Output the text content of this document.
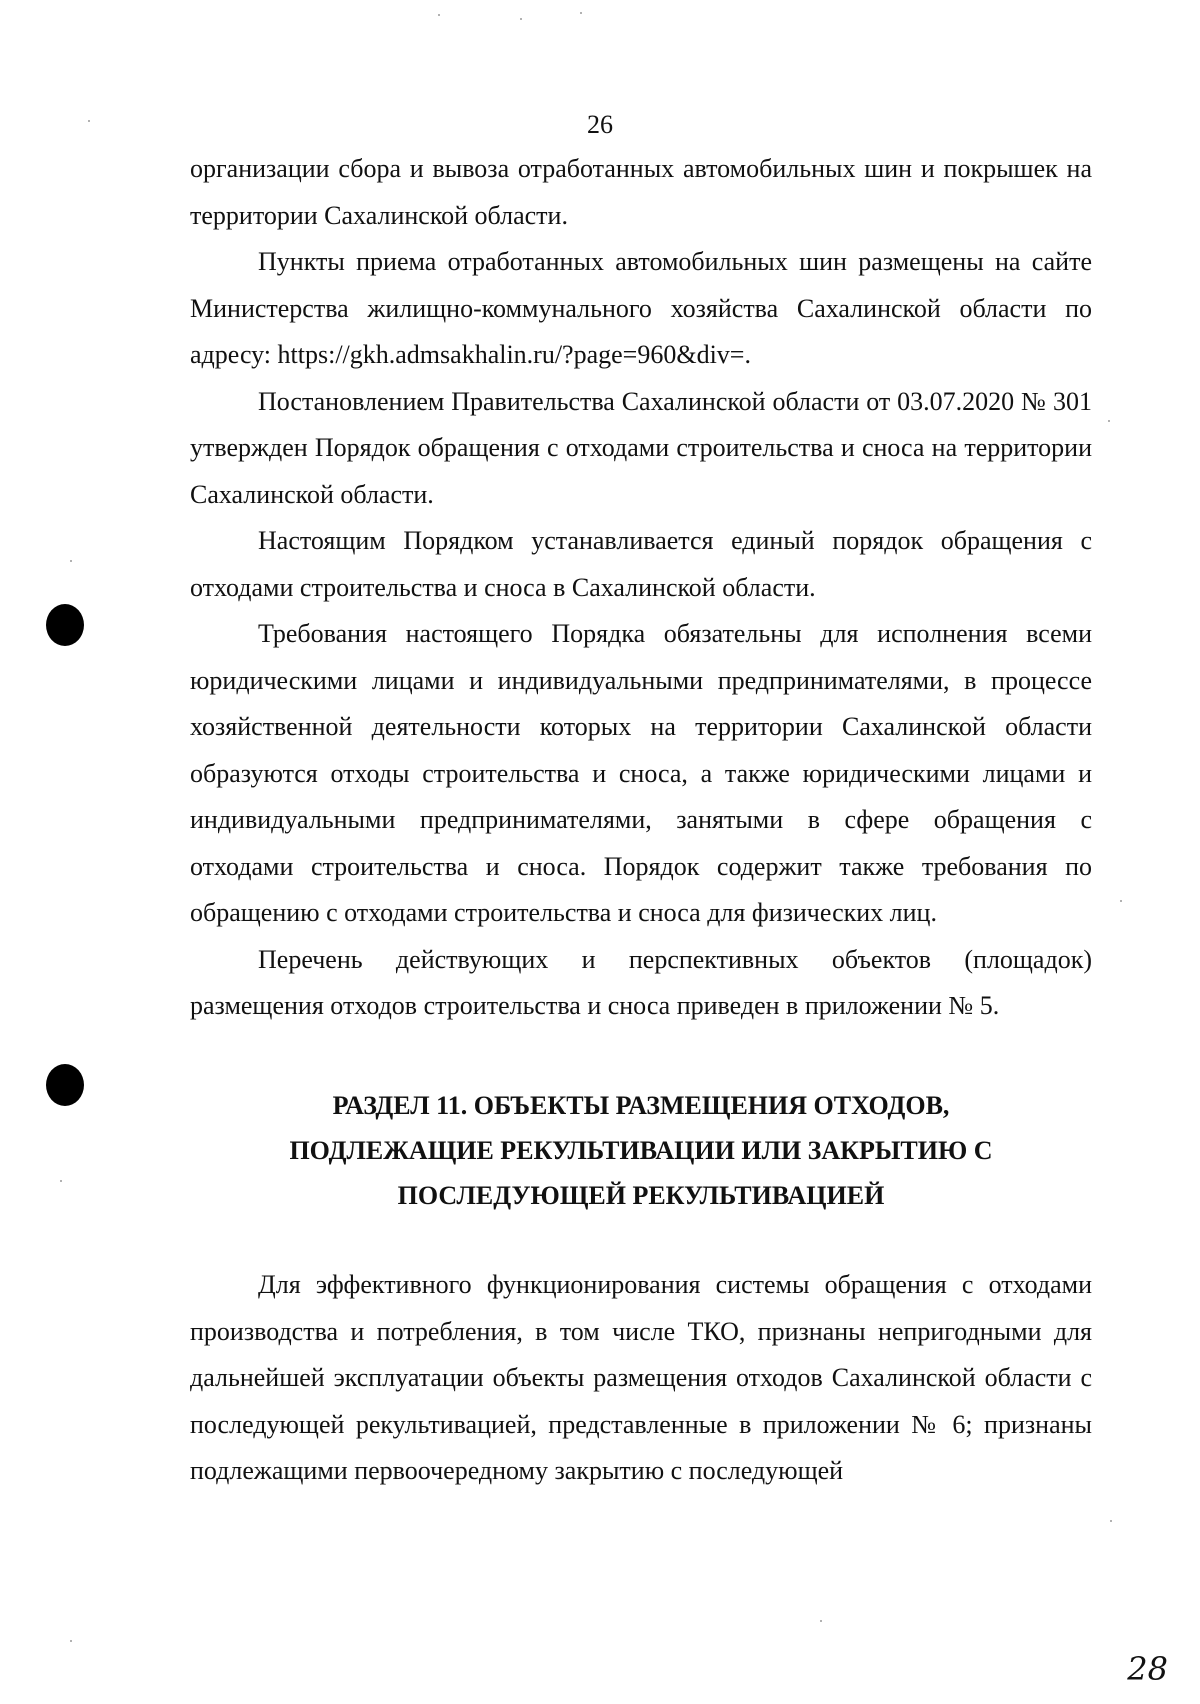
26

организации сбора и вывоза отработанных автомобильных шин и покрышек на территории Сахалинской области.

Пункты приема отработанных автомобильных шин размещены на сайте Министерства жилищно-коммунального хозяйства Сахалинской области по адресу: https://gkh.admsakhalin.ru/?page=960&div=.

Постановлением Правительства Сахалинской области от 03.07.2020 № 301 утвержден Порядок обращения с отходами строительства и сноса на территории Сахалинской области.

Настоящим Порядком устанавливается единый порядок обращения с отходами строительства и сноса в Сахалинской области.

Требования настоящего Порядка обязательны для исполнения всеми юридическими лицами и индивидуальными предпринимателями, в процессе хозяйственной деятельности которых на территории Сахалинской области образуются отходы строительства и сноса, а также юридическими лицами и индивидуальными предпринимателями, занятыми в сфере обращения с отходами строительства и сноса. Порядок содержит также требования по обращению с отходами строительства и сноса для физических лиц.

Перечень действующих и перспективных объектов (площадок) размещения отходов строительства и сноса приведен в приложении № 5.

РАЗДЕЛ 11. ОБЪЕКТЫ РАЗМЕЩЕНИЯ ОТХОДОВ,
ПОДЛЕЖАЩИЕ РЕКУЛЬТИВАЦИИ ИЛИ ЗАКРЫТИЮ С
ПОСЛЕДУЮЩЕЙ РЕКУЛЬТИВАЦИЕЙ

Для эффективного функционирования системы обращения с отходами производства и потребления, в том числе ТКО, признаны непригодными для дальнейшей эксплуатации объекты размещения отходов Сахалинской области с последующей рекультивацией, представленные в приложении № 6; признаны подлежащими первоочередному закрытию с последующей

28
